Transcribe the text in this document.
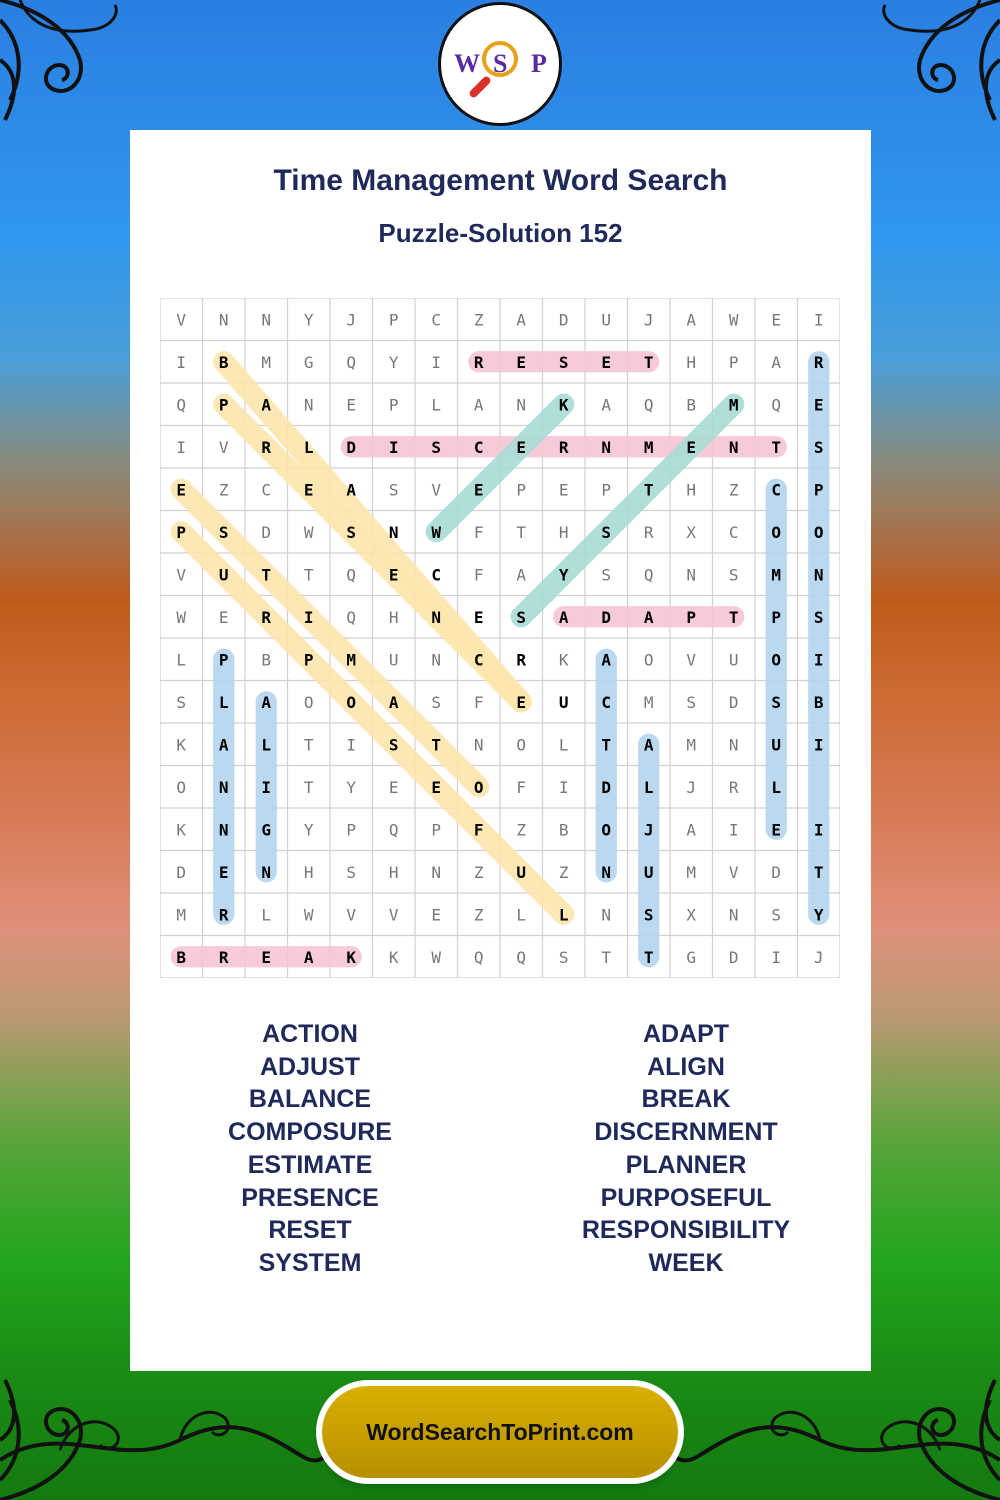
W S P
Time Management Word Search
Puzzle-Solution 152
V N N Y J P C Z A D U J A W E I
I B M G Q Y I R E S E T H P A R
Q P A N E P L A N K A Q B M Q E
I V R L D I S C E R N M E N T S
E Z C E A S V E P E P T H Z C P
P S D W S N W F T H S R X C O O
V U T T Q E C F A Y S Q N S M N
W E R I Q H N E S A D A P T P S
L P B P M U N C R K A O V U O I
S L A O O A S F E U C M S D S B
K A L T I S T N O L T A M N U I
O N I T Y E E O F I D L J R L
K N G Y P Q P F Z B O J A I E I
D E N H S H N Z U Z N U M V D T
M R L W V V E Z L L N S X N S Y
B R E A K K W Q Q S T T G D I J
ACTION
ADJUST
BALANCE
COMPOSURE
ESTIMATE
PRESENCE
RESET
SYSTEM
ADAPT
ALIGN
BREAK
DISCERNMENT
PLANNER
PURPOSEFUL
RESPONSIBILITY
WEEK
WordSearchToPrint.com
